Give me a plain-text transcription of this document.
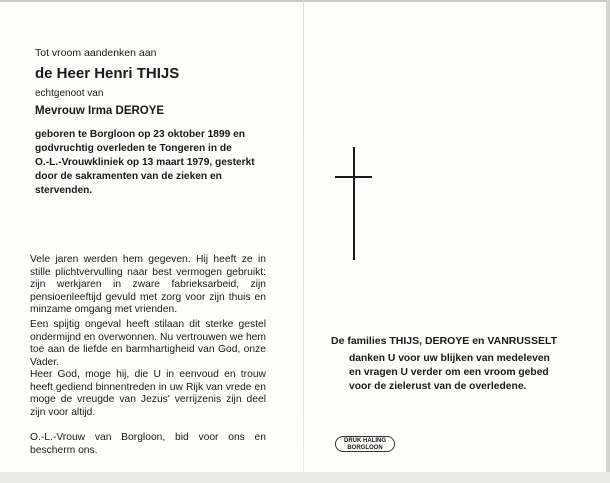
Tot vroom aandenken aan
de Heer Henri THIJS
echtgenoot van
Mevrouw Irma DEROYE
geboren te Borgloon op 23 oktober 1899 en
godvruchtig overleden te Tongeren in de
O.-L.-Vrouwkliniek op 13 maart 1979, gesterkt
door de sakramenten van de zieken en
stervenden.
Vele jaren werden hem gegeven. Hij heeft ze in stille plichtvervulling naar best vermogen gebruikt: zijn werkjaren in zware fabrieksarbeid, zijn pensioenleeftijd gevuld met zorg voor zijn thuis en minzame omgang met vrienden.
Een spijtig ongeval heeft stilaan dit sterke gestel ondermijnd en overwonnen. Nu vertrouwen we hem toe aan de liefde en barmhartigheid van God, onze Vader.
Heer God, moge hij, die U in eenvoud en trouw heeft gediend binnentreden in uw Rijk van vrede en moge de vreugde van Jezus' verrijzenis zijn deel zijn voor altijd.
O.-L.-Vrouw van Borgloon, bid voor ons en bescherm ons.
De families THIJS, DEROYE en VANRUSSELT
danken U voor uw blijken van medeleven
en vragen U verder om een vroom gebed
voor de zielerust van de overledene.
DRUK HALING
BORGLOON
